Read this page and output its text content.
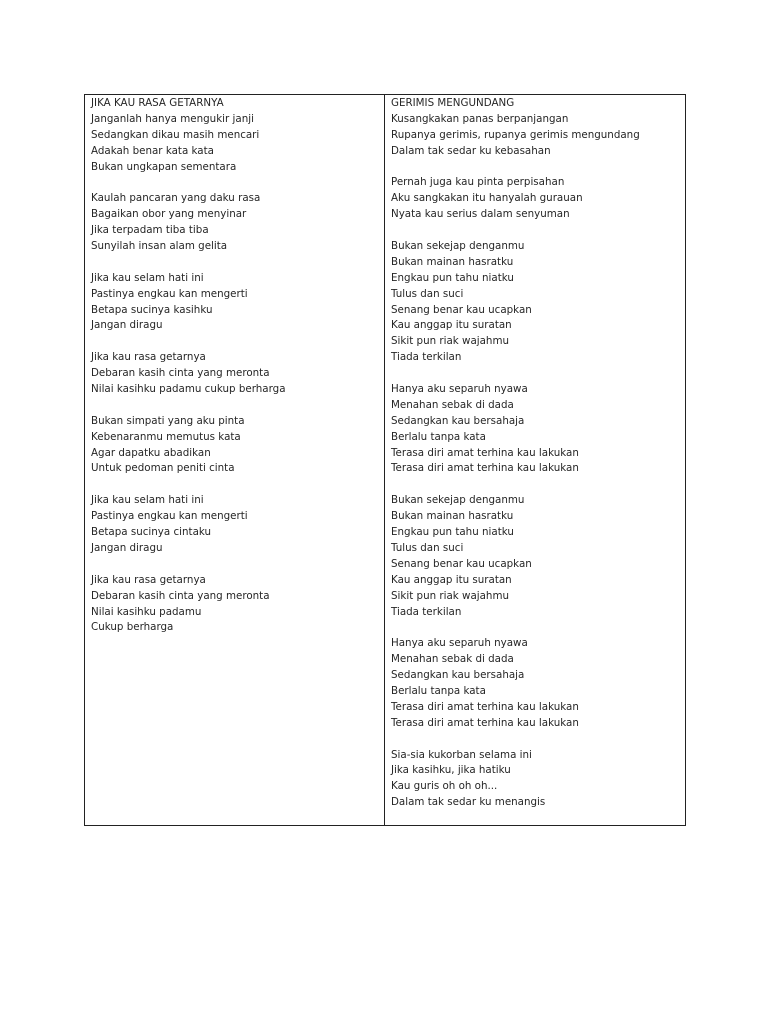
JIKA KAU RASA GETARNYA
Janganlah hanya mengukir janji
Sedangkan dikau masih mencari
Adakah benar kata kata
Bukan ungkapan sementara
Kaulah pancaran yang daku rasa
Bagaikan obor yang menyinar
Jika terpadam tiba tiba
Sunyilah insan alam gelita
Jika kau selam hati ini
Pastinya engkau kan mengerti
Betapa sucinya kasihku
Jangan diragu
Jika kau rasa getarnya
Debaran kasih cinta yang meronta
Nilai kasihku padamu cukup berharga
Bukan simpati yang aku pinta
Kebenaranmu memutus kata
Agar dapatku abadikan
Untuk pedoman peniti cinta
Jika kau selam hati ini
Pastinya engkau kan mengerti
Betapa sucinya cintaku
Jangan diragu
Jika kau rasa getarnya
Debaran kasih cinta yang meronta
Nilai kasihku padamu
Cukup berharga
GERIMIS MENGUNDANG
Kusangkakan panas berpanjangan
Rupanya gerimis, rupanya gerimis mengundang
Dalam tak sedar ku kebasahan
Pernah juga kau pinta perpisahan
Aku sangkakan itu hanyalah gurauan
Nyata kau serius dalam senyuman
Bukan sekejap denganmu
Bukan mainan hasratku
Engkau pun tahu niatku
Tulus dan suci
Senang benar kau ucapkan
Kau anggap itu suratan
Sikit pun riak wajahmu
Tiada terkilan
Hanya aku separuh nyawa
Menahan sebak di dada
Sedangkan kau bersahaja
Berlalu tanpa kata
Terasa diri amat terhina kau lakukan
Terasa diri amat terhina kau lakukan
Bukan sekejap denganmu
Bukan mainan hasratku
Engkau pun tahu niatku
Tulus dan suci
Senang benar kau ucapkan
Kau anggap itu suratan
Sikit pun riak wajahmu
Tiada terkilan
Hanya aku separuh nyawa
Menahan sebak di dada
Sedangkan kau bersahaja
Berlalu tanpa kata
Terasa diri amat terhina kau lakukan
Terasa diri amat terhina kau lakukan
Sia-sia kukorban selama ini
Jika kasihku, jika hatiku
Kau guris oh oh oh...
Dalam tak sedar ku menangis
